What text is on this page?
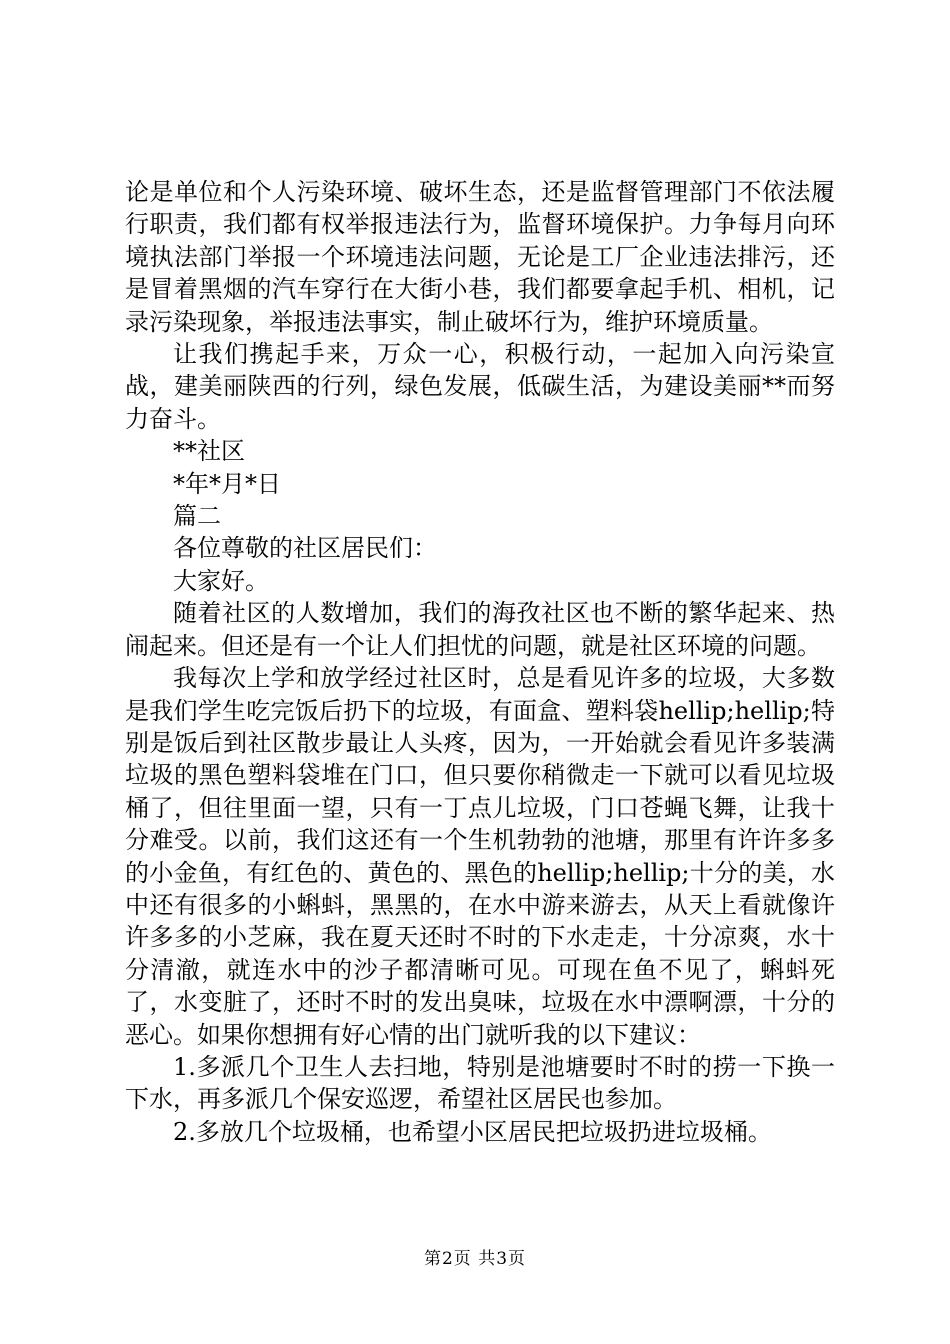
论是单位和个人污染环境、破坏生态，还是监督管理部门不依法履行职责，我们都有权举报违法行为，监督环境保护。力争每月向环境执法部门举报一个环境违法问题，无论是工厂企业违法排污，还是冒着黑烟的汽车穿行在大街小巷，我们都要拿起手机、相机，记录污染现象，举报违法事实，制止破坏行为，维护环境质量。

让我们携起手来，万众一心，积极行动，一起加入向污染宣战，建美丽陕西的行列，绿色发展，低碳生活，为建设美丽**而努力奋斗。

**社区

*年*月*日

篇二

各位尊敬的社区居民们：

大家好。

随着社区的人数增加，我们的海孜社区也不断的繁华起来、热闹起来。但还是有一个让人们担忧的问题，就是社区环境的问题。

我每次上学和放学经过社区时，总是看见许多的垃圾，大多数是我们学生吃完饭后扔下的垃圾，有面盒、塑料袋hellip;hellip;特别是饭后到社区散步最让人头疼，因为，一开始就会看见许多装满垃圾的黑色塑料袋堆在门口，但只要你稍微走一下就可以看见垃圾桶了，但往里面一望，只有一丁点儿垃圾，门口苍蝇飞舞，让我十分难受。以前，我们这还有一个生机勃勃的池塘，那里有许许多多的小金鱼，有红色的、黄色的、黑色的hellip;hellip;十分的美，水中还有很多的小蝌蚪，黑黑的，在水中游来游去，从天上看就像许许多多的小芝麻，我在夏天还时不时的下水走走，十分凉爽，水十分清澈，就连水中的沙子都清晰可见。可现在鱼不见了，蝌蚪死了，水变脏了，还时不时的发出臭味，垃圾在水中漂啊漂，十分的恶心。如果你想拥有好心情的出门就听我的以下建议：

1.多派几个卫生人去扫地，特别是池塘要时不时的捞一下换一下水，再多派几个保安巡逻，希望社区居民也参加。

2.多放几个垃圾桶，也希望小区居民把垃圾扔进垃圾桶。

第2页 共3页
